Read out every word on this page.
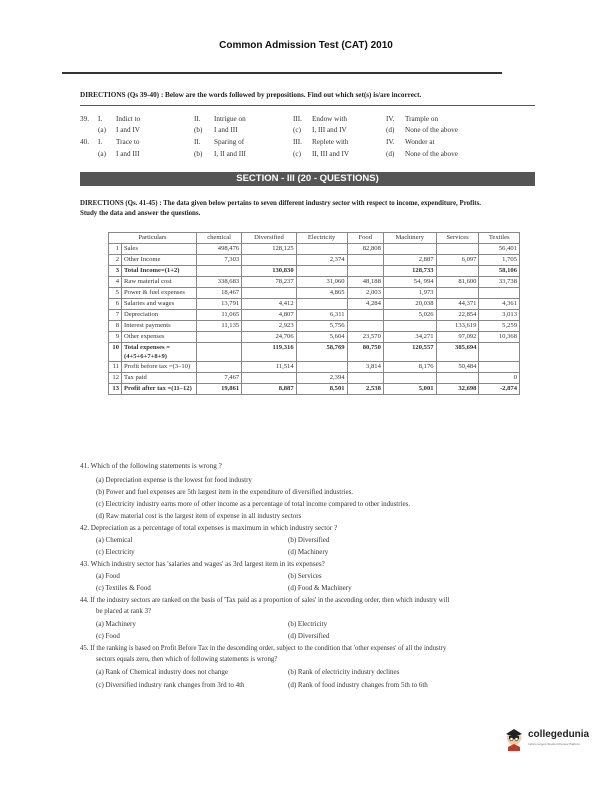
Common Admission Test (CAT) 2010
DIRECTIONS (Qs 39-40) : Below are the words followed by prepositions. Find out which set(s) is/are incorrect.
39. I. Indict to	II. Intrigue on	III. Endow with	IV. Trample on
(a) I and IV	(b) I and III	(c) I, III and IV	(d) None of the above
40. I. Trace to	II. Sparing of	III. Replete with	IV. Wonder at
(a) I and III	(b) I, II and III	(c) II, III and IV	(d) None of the above
SECTION - III (20 - QUESTIONS)
DIRECTIONS (Qs. 41-45) : The data given below pertains to seven different industry sector with respect to income, expenditure, Profits.
Study the data and answer the questions.
Particulars		chemical	Diversified	Electricity	Food	Machinery	Services	Textiles
1	Sales	498,476	128,125		82,808			56,401
2	Other Income	7,303		2,374		2,887	6,097	1,705
3	Total Income=(1+2)		130,830			128,733		58,106
4	Raw material cost	338,683	78,237	31,060	48,188	54, 994	81,600	33,738
5	Power & fuel expenses	18,467		4,865	2,003	1,973		
6	Salaries and wages	13,791	4,412		4,284	20,038	44,371	4,361
7	Depreciation	11,065	4,807	6,311		5,026	22,854	3,013
8	Interest payments	11,135	2,923	5,756			133,619	5,259
9	Other expenses		24,706	5,604	23,570	34,271	97,092	10,368
10	Total expenses =(4+5+6+7+8+9)		119,316	58,769	80,750	120,557	385,694	
11	Profit before tax =(3–10)		11,514		3,814	8,176	50,484	
12	Tax paid	7,467		2,394				0
13	Profit after tax =(11–12)	19,861	8,887	8,501	2,538	5,001	32,698	-2,874
41. Which of the following statements is wrong ?
(a) Depreciation expense is the lowest for food industry
(b) Power and fuel expenses are 5th largest item in the expenditure of diversified industries.
(c) Electricity industry earns more of other income as a percentage of total income compared to other industries.
(d) Raw material cost is the largest item of expense in all industry sectors
42. Depreciation as a percentage of total expenses is maximum in which industry sector ?
(a) Chemical	(b) Diversified
(c) Electricity	(d) Machinery
43. Which industry sector has 'salaries and wages' as 3rd largest item in its expenses?
(a) Food	(b) Services
(c) Textiles & Food	(d) Food & Machinery
44. If the industry sectors are ranked on the basis of 'Tax paid as a proportion of sales' in the ascending order, then which industry will
be placed at rank 3?
(a) Machinery	(b) Electricity
(c) Food	(d) Diversified
45. If the ranking is based on Profit Before Tax in the descending order, subject to the condition that 'other expenses' of all the industry
sectors equals zero, then which of following statements is wrong?
(a) Rank of Chemical industry does not change	(b) Rank of electricity industry declines
(c) Diversified industry rank changes from 3rd to 4th	(d) Rank of food industry changes from 5th to 6th
collegedunia
India's largest Student Review Platform
